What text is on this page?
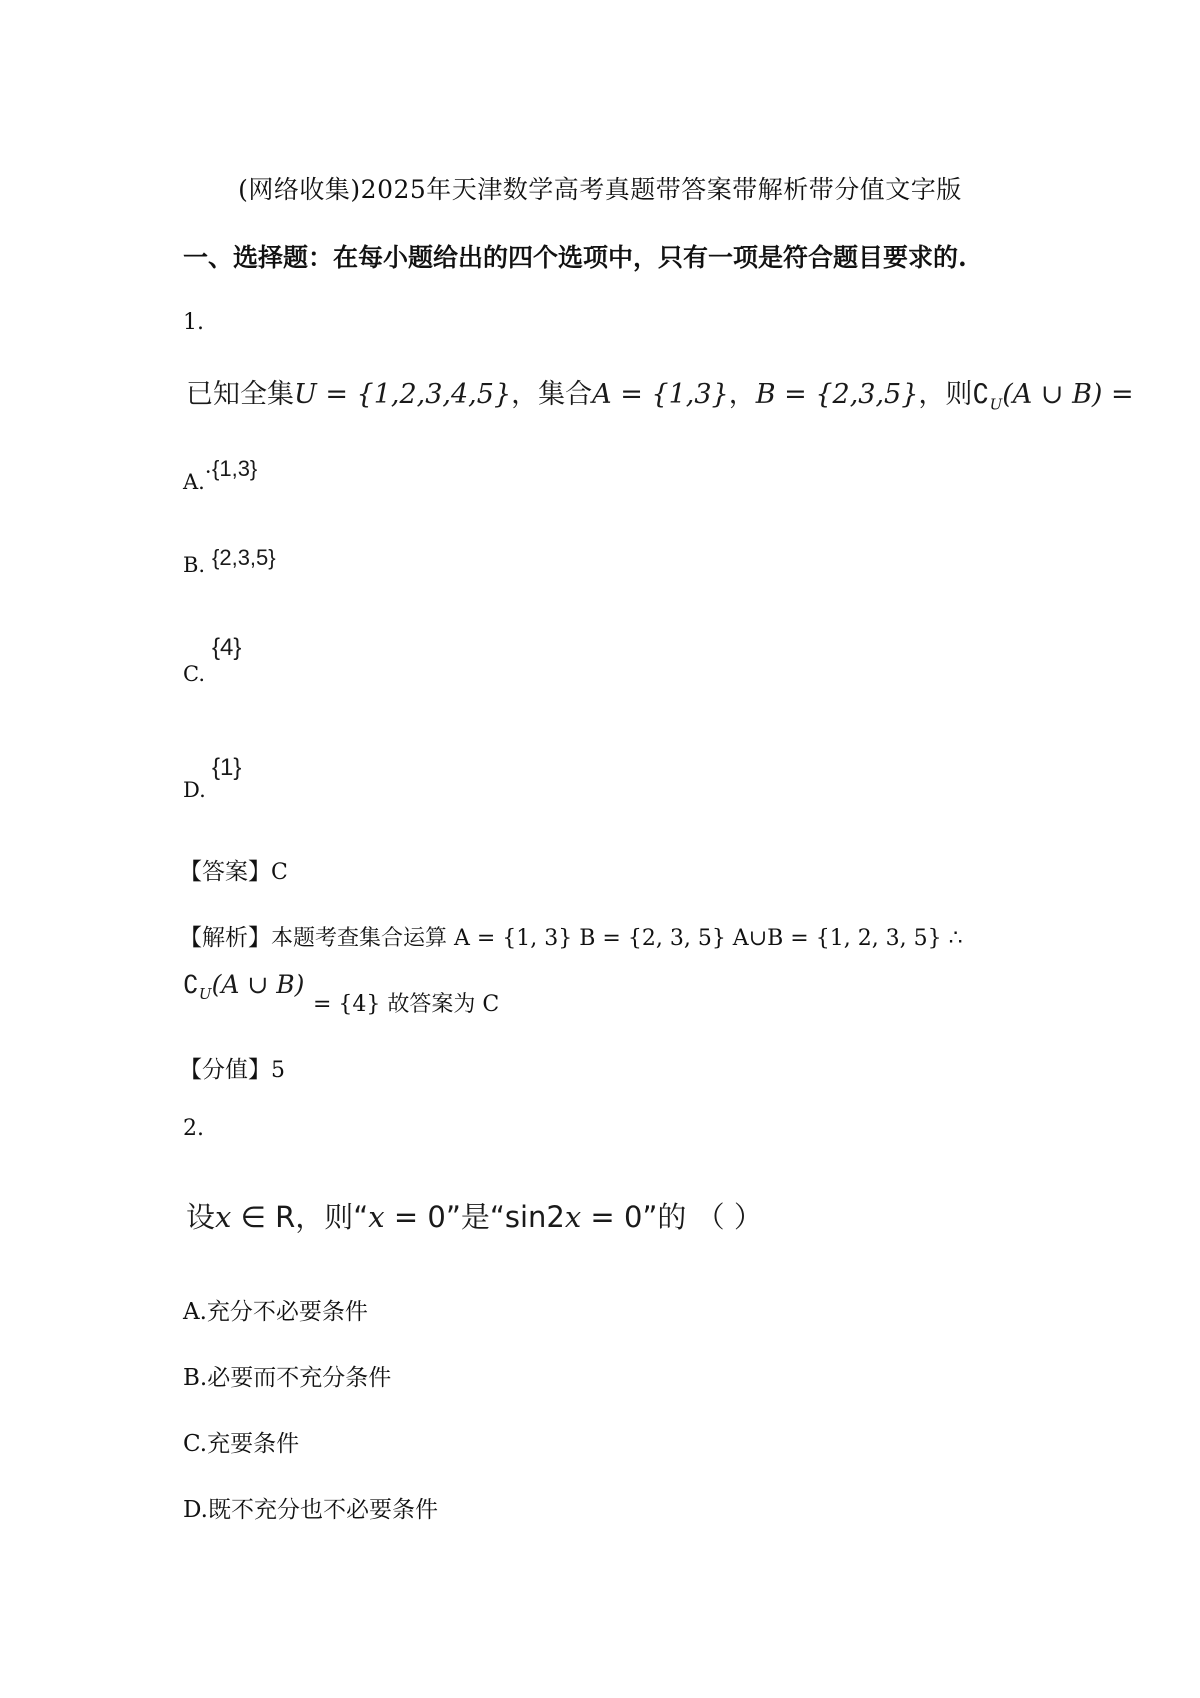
(网络收集)2025年天津数学高考真题带答案带解析带分值文字版
一、选择题：在每小题给出的四个选项中，只有一项是符合题目要求的.
1.
已知全集U = {1,2,3,4,5}，集合A = {1,3}，B = {2,3,5}，则$∁_U(A$ ∪ B) =
A.· {1,3}
B. {2,3,5}
C.
{4}
D.
{1}
【答案】C
【解析】本题考查集合运算 A = {1, 3} B = {2, 3, 5} A∪B = {1, 2, 3, 5} ∴
$∁_U(A$ ∪ B)
= {4} 故答案为 C
【分值】5
2.
设x ∈ R，则“x = 0”是“sin2x = 0”的 （ ）
A.充分不必要条件
B.必要而不充分条件
C.充要条件
D.既不充分也不必要条件
